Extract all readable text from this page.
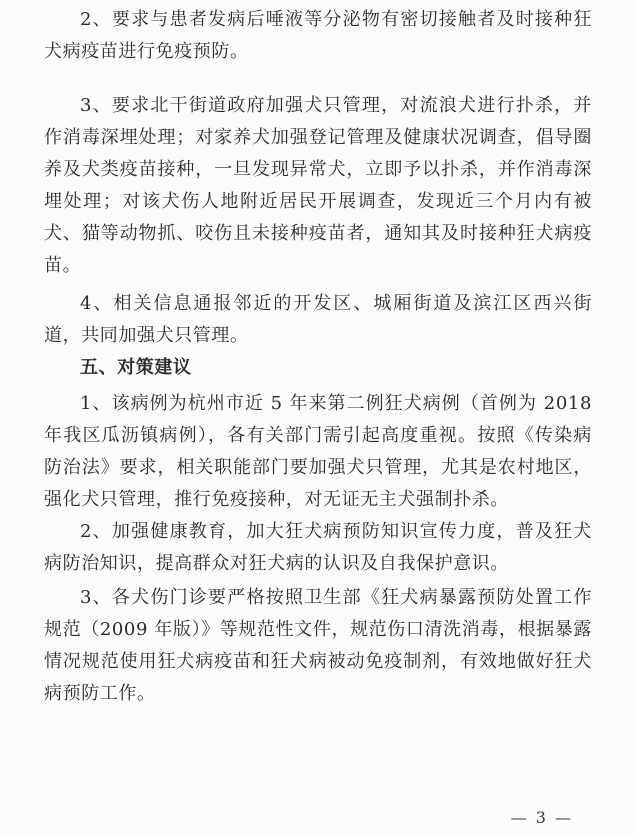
2、要求与患者发病后唾液等分泌物有密切接触者及时接种狂犬病疫苗进行免疫预防。

3、要求北干街道政府加强犬只管理，对流浪犬进行扑杀，并作消毒深埋处理；对家养犬加强登记管理及健康状况调查，倡导圈养及犬类疫苗接种，一旦发现异常犬，立即予以扑杀，并作消毒深埋处理；对该犬伤人地附近居民开展调查，发现近三个月内有被犬、猫等动物抓、咬伤且未接种疫苗者，通知其及时接种狂犬病疫苗。

4、相关信息通报邻近的开发区、城厢街道及滨江区西兴街道，共同加强犬只管理。

五、对策建议

1、该病例为杭州市近 5 年来第二例狂犬病例（首例为 2018 年我区瓜沥镇病例），各有关部门需引起高度重视。按照《传染病防治法》要求，相关职能部门要加强犬只管理，尤其是农村地区，强化犬只管理，推行免疫接种，对无证无主犬强制扑杀。

2、加强健康教育，加大狂犬病预防知识宣传力度，普及狂犬病防治知识，提高群众对狂犬病的认识及自我保护意识。

3、各犬伤门诊要严格按照卫生部《狂犬病暴露预防处置工作规范（2009 年版）》等规范性文件，规范伤口清洗消毒，根据暴露情况规范使用狂犬病疫苗和狂犬病被动免疫制剂，有效地做好狂犬病预防工作。

— 3 —
